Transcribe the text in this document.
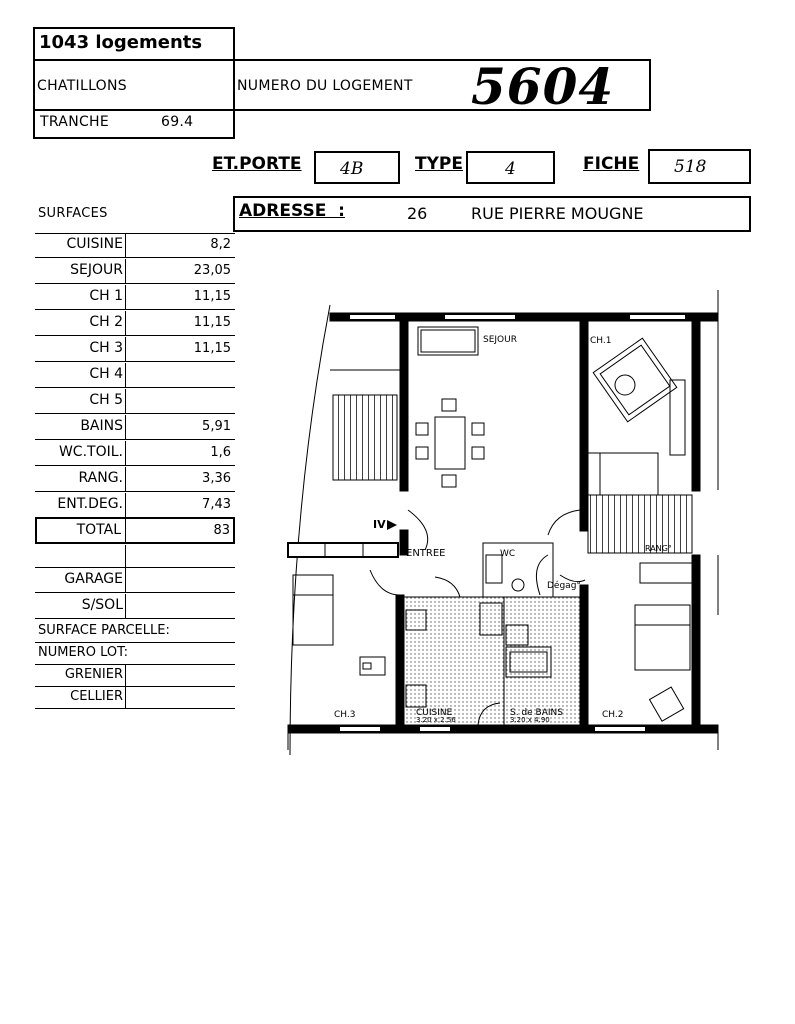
1043 logements
CHATILLONS
TRANCHE	69.4
NUMERO DU LOGEMENT 5604
ET.PORTE 4B	TYPE 4	FICHE 518
ADRESSE  :	26	RUE PIERRE MOUGNE
SURFACES
CUISINE	8,2
SEJOUR	23,05
CH 1	11,15
CH 2	11,15
CH 3	11,15
CH 4
CH 5
BAINS	5,91
WC.TOIL.	1,6
RANG.	3,36
ENT.DEG.	7,43
TOTAL	83
GARAGE
S/SOL
SURFACE PARCELLE:
NUMERO LOT:
GRENIER
CELLIER
SEJOUR	CH.1
CH.3	CH.2
ENTREE	WC
Dégag°
RANG°
CUISINE
3.20 x 2.56
S. de BAINS
3.20 x 4.90
IV
